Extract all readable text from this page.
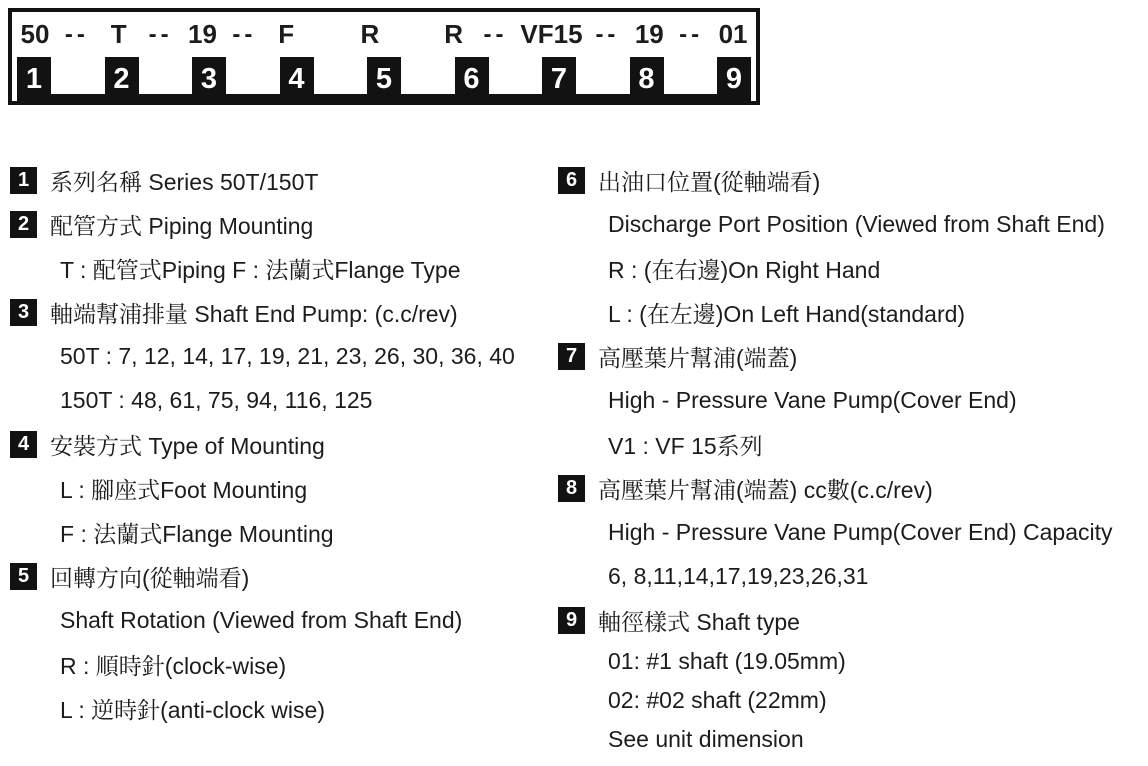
50 -- T -- 19 -- F	R R -- VF15 -- 19 -- 01
1	2	3	4	5	6	7	8	9
1 系列名稱 Series 50T/150T
2 配管方式 Piping Mounting
T : 配管式Piping F : 法蘭式Flange Type
3 軸端幫浦排量 Shaft End Pump: (c.c/rev)
50T : 7, 12, 14, 17, 19, 21, 23, 26, 30, 36, 40
150T : 48, 61, 75, 94, 116, 125
4 安裝方式 Type of Mounting
L : 腳座式Foot Mounting
F : 法蘭式Flange Mounting
5 回轉方向(從軸端看)
Shaft Rotation (Viewed from Shaft End)
R : 順時針(clock-wise)
L : 逆時針(anti-clock wise)
6 出油口位置(從軸端看)
Discharge Port Position (Viewed from Shaft End)
R : (在右邊)On Right Hand
L : (在左邊)On Left Hand(standard)
7 高壓葉片幫浦(端蓋)
High - Pressure Vane Pump(Cover End)
V1 : VF 15系列
8 高壓葉片幫浦(端蓋) cc數(c.c/rev)
High - Pressure Vane Pump(Cover End) Capacity
6, 8,11,14,17,19,23,26,31
9 軸徑樣式 Shaft type
01: #1 shaft (19.05mm)
02: #02 shaft (22mm)
See unit dimension
